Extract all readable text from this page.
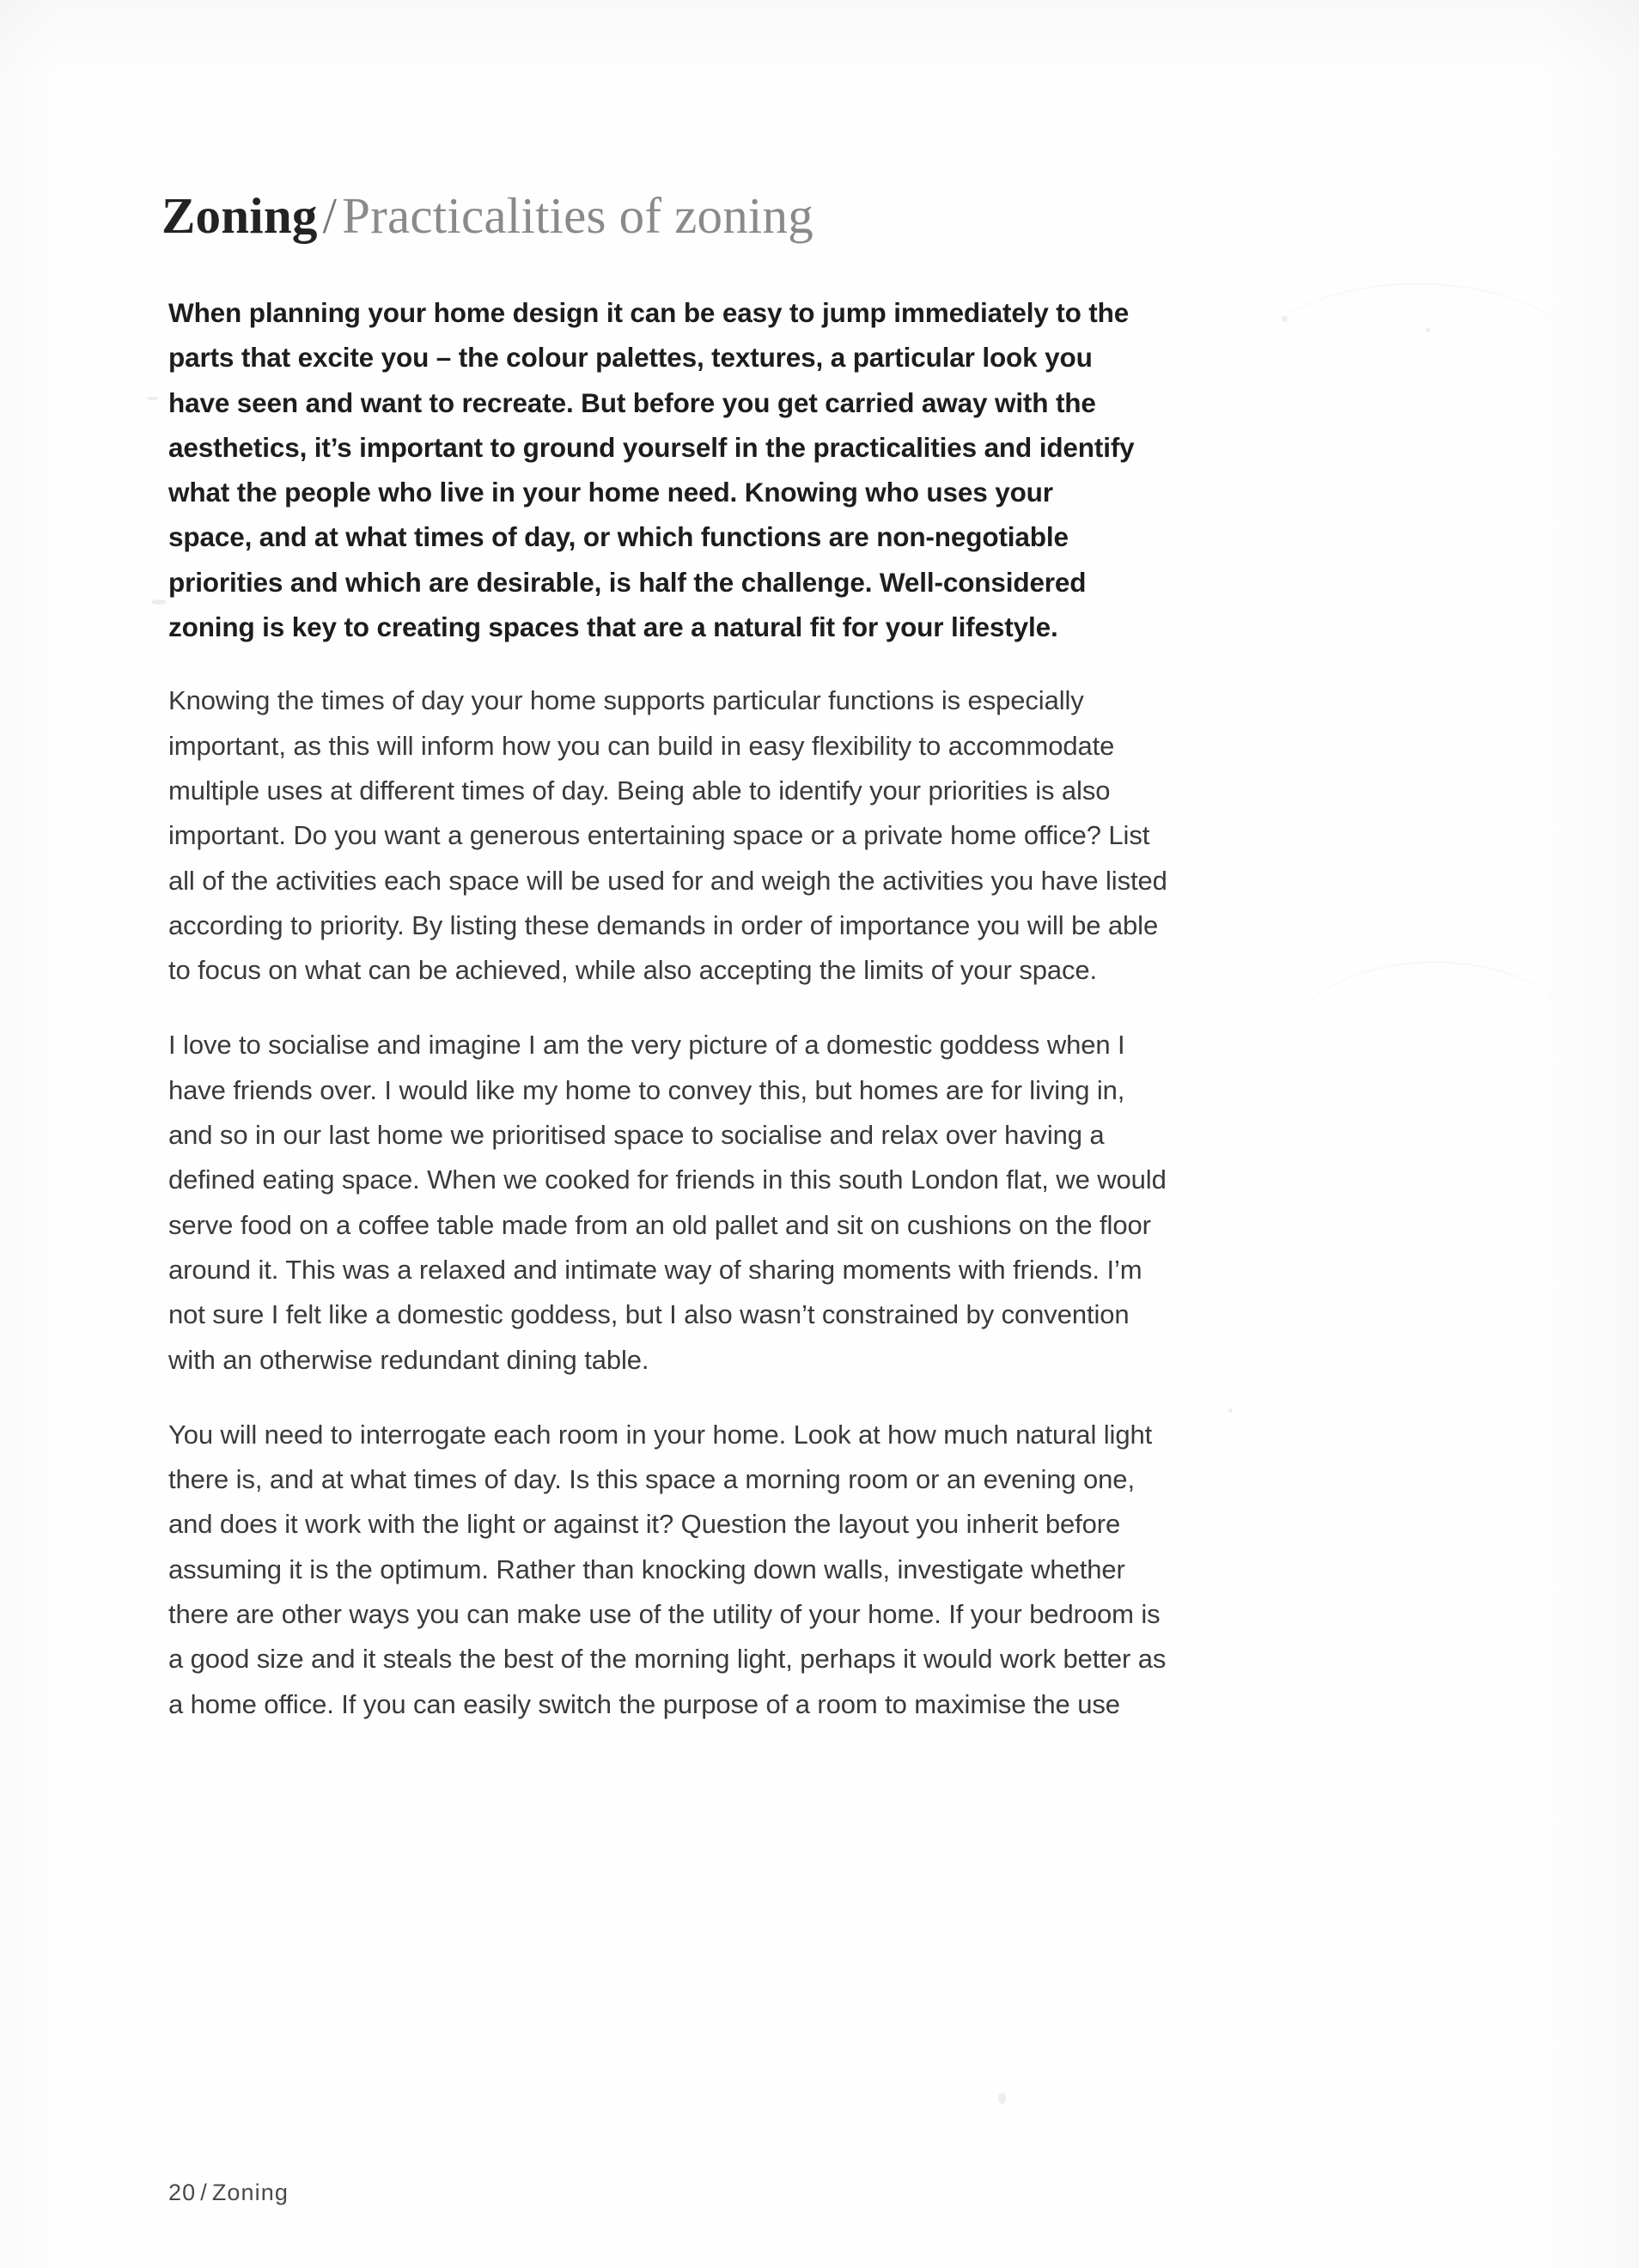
Zoning / Practicalities of zoning

When planning your home design it can be easy to jump immediately to the parts that excite you – the colour palettes, textures, a particular look you have seen and want to recreate. But before you get carried away with the aesthetics, it’s important to ground yourself in the practicalities and identify what the people who live in your home need. Knowing who uses your space, and at what times of day, or which functions are non-negotiable priorities and which are desirable, is half the challenge. Well-considered zoning is key to creating spaces that are a natural fit for your lifestyle.

Knowing the times of day your home supports particular functions is especially important, as this will inform how you can build in easy flexibility to accommodate multiple uses at different times of day. Being able to identify your priorities is also important. Do you want a generous entertaining space or a private home office? List all of the activities each space will be used for and weigh the activities you have listed according to priority. By listing these demands in order of importance you will be able to focus on what can be achieved, while also accepting the limits of your space.

I love to socialise and imagine I am the very picture of a domestic goddess when I have friends over. I would like my home to convey this, but homes are for living in, and so in our last home we prioritised space to socialise and relax over having a defined eating space. When we cooked for friends in this south London flat, we would serve food on a coffee table made from an old pallet and sit on cushions on the floor around it. This was a relaxed and intimate way of sharing moments with friends. I’m not sure I felt like a domestic goddess, but I also wasn’t constrained by convention with an otherwise redundant dining table.

You will need to interrogate each room in your home. Look at how much natural light there is, and at what times of day. Is this space a morning room or an evening one, and does it work with the light or against it? Question the layout you inherit before assuming it is the optimum. Rather than knocking down walls, investigate whether there are other ways you can make use of the utility of your home. If your bedroom is a good size and it steals the best of the morning light, perhaps it would work better as a home office. If you can easily switch the purpose of a room to maximise the use

20 / Zoning
